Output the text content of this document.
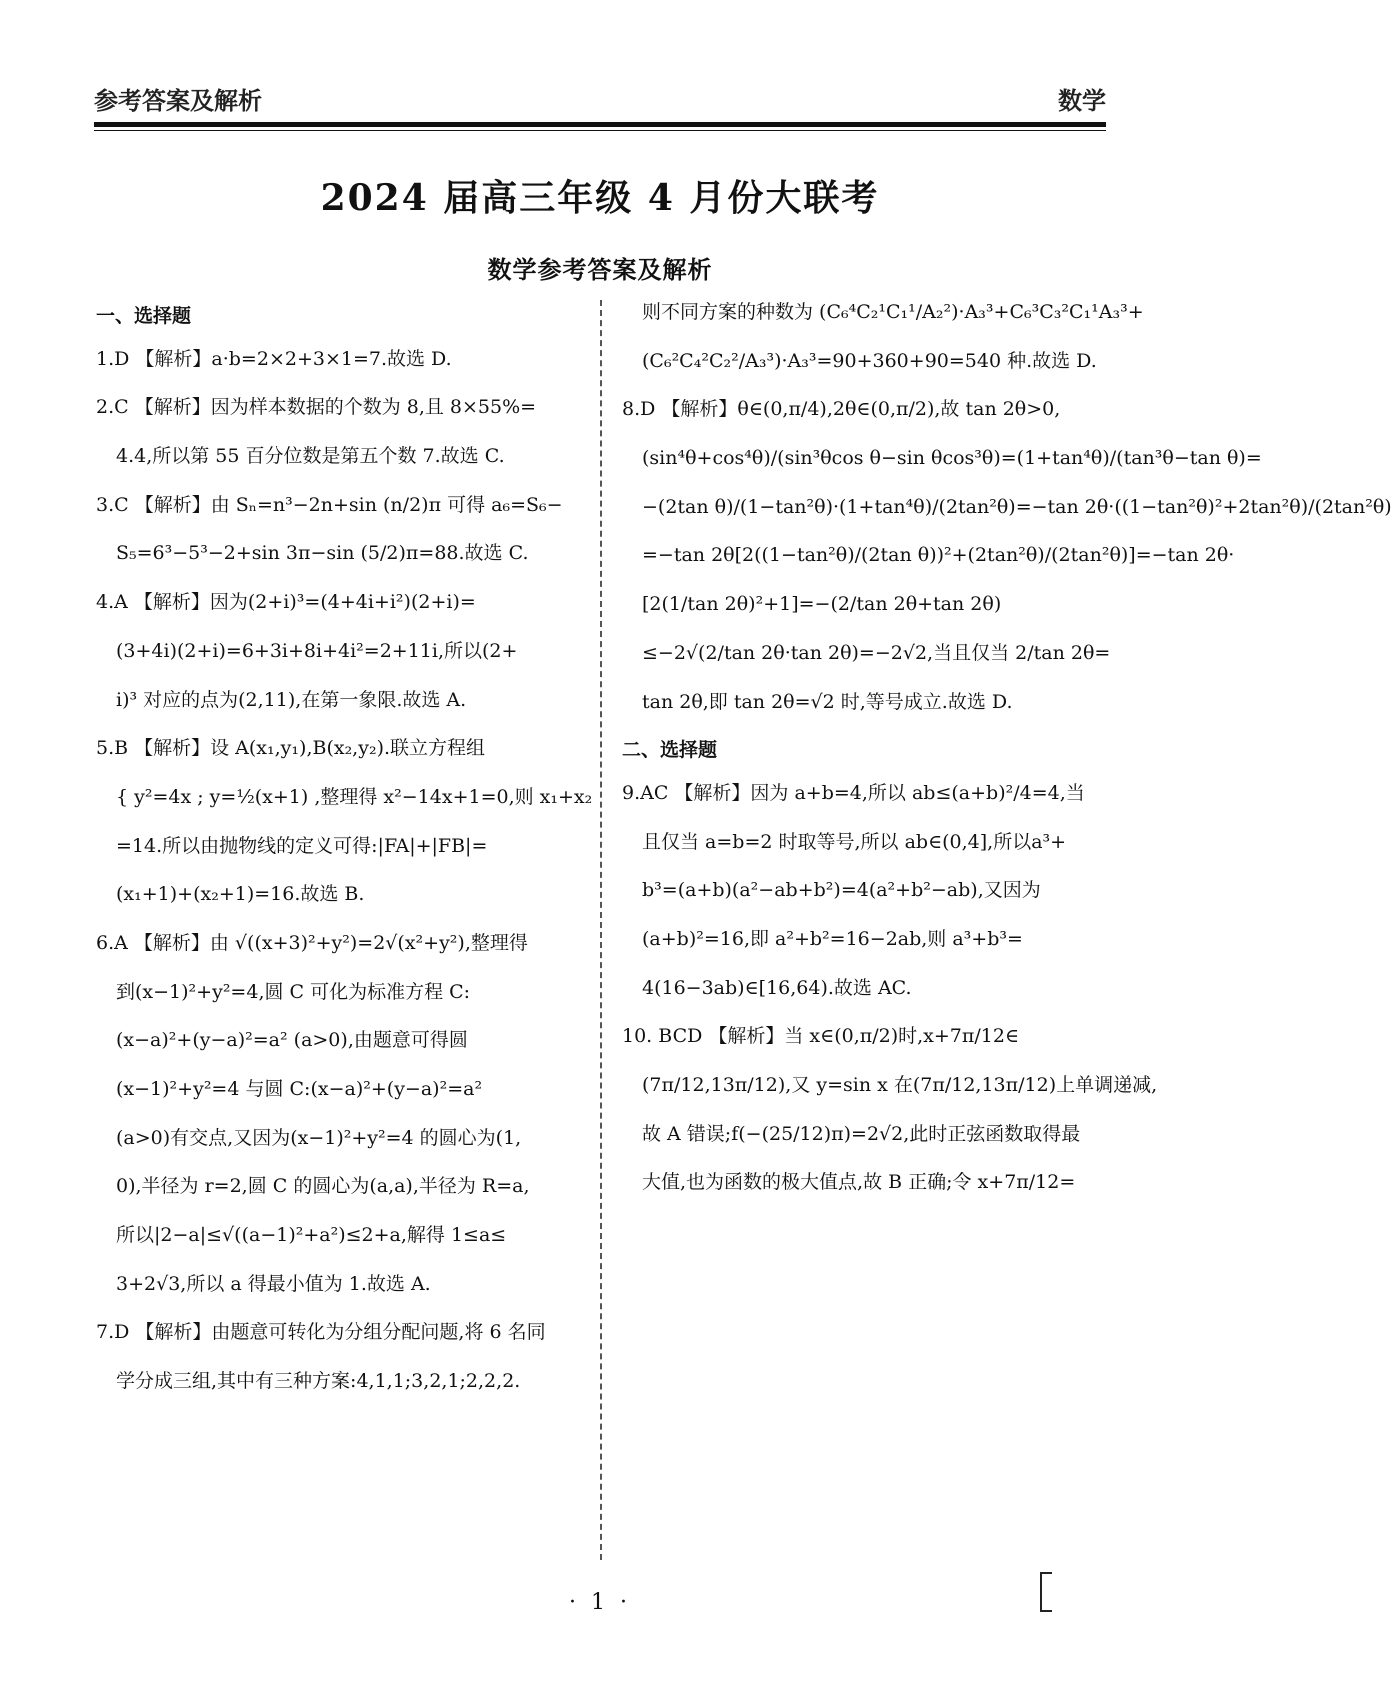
参考答案及解析	数学
2024 届高三年级 4 月份大联考
数学参考答案及解析
一、选择题
1.D 【解析】a·b=2×2+3×1=7.故选 D.
2.C 【解析】因为样本数据的个数为 8,且 8×55%=
4.4,所以第 55 百分位数是第五个数 7.故选 C.
3.C 【解析】由 Sₙ=n³−2n+sin (n/2)π 可得 a₆=S₆−
S₅=6³−5³−2+sin 3π−sin (5/2)π=88.故选 C.
4.A 【解析】因为(2+i)³=(4+4i+i²)(2+i)=
(3+4i)(2+i)=6+3i+8i+4i²=2+11i,所以(2+
i)³ 对应的点为(2,11),在第一象限.故选 A.
5.B 【解析】设 A(x₁,y₁),B(x₂,y₂).联立方程组
{ y²=4x ; y=½(x+1) ,整理得 x²−14x+1=0,则 x₁+x₂
=14.所以由抛物线的定义可得:|FA|+|FB|=
(x₁+1)+(x₂+1)=16.故选 B.
6.A 【解析】由 √((x+3)²+y²)=2√(x²+y²),整理得
到(x−1)²+y²=4,圆 C 可化为标准方程 C:
(x−a)²+(y−a)²=a² (a>0),由题意可得圆
(x−1)²+y²=4 与圆 C:(x−a)²+(y−a)²=a²
(a>0)有交点,又因为(x−1)²+y²=4 的圆心为(1,
0),半径为 r=2,圆 C 的圆心为(a,a),半径为 R=a,
所以|2−a|≤√((a−1)²+a²)≤2+a,解得 1≤a≤
3+2√3,所以 a 得最小值为 1.故选 A.
7.D 【解析】由题意可转化为分组分配问题,将 6 名同
学分成三组,其中有三种方案:4,1,1;3,2,1;2,2,2.
则不同方案的种数为 (C₆⁴C₂¹C₁¹/A₂²)·A₃³+C₆³C₃²C₁¹A₃³+
(C₆²C₄²C₂²/A₃³)·A₃³=90+360+90=540 种.故选 D.
8.D 【解析】θ∈(0,π/4),2θ∈(0,π/2),故 tan 2θ>0,
(sin⁴θ+cos⁴θ)/(sin³θcos θ−sin θcos³θ)=(1+tan⁴θ)/(tan³θ−tan θ)=
−(2tan θ)/(1−tan²θ)·(1+tan⁴θ)/(2tan²θ)=−tan 2θ·((1−tan²θ)²+2tan²θ)/(2tan²θ)
=−tan 2θ[2((1−tan²θ)/(2tan θ))²+(2tan²θ)/(2tan²θ)]=−tan 2θ·
[2(1/tan 2θ)²+1]=−(2/tan 2θ+tan 2θ)
≤−2√(2/tan 2θ·tan 2θ)=−2√2,当且仅当 2/tan 2θ=
tan 2θ,即 tan 2θ=√2 时,等号成立.故选 D.
二、选择题
9.AC 【解析】因为 a+b=4,所以 ab≤(a+b)²/4=4,当
且仅当 a=b=2 时取等号,所以 ab∈(0,4],所以a³+
b³=(a+b)(a²−ab+b²)=4(a²+b²−ab),又因为
(a+b)²=16,即 a²+b²=16−2ab,则 a³+b³=
4(16−3ab)∈[16,64).故选 AC.
10. BCD 【解析】当 x∈(0,π/2)时,x+7π/12∈
(7π/12,13π/12),又 y=sin x 在(7π/12,13π/12)上单调递减,
故 A 错误;f(−(25/12)π)=2√2,此时正弦函数取得最
大值,也为函数的极大值点,故 B 正确;令 x+7π/12=
· 1 ·
